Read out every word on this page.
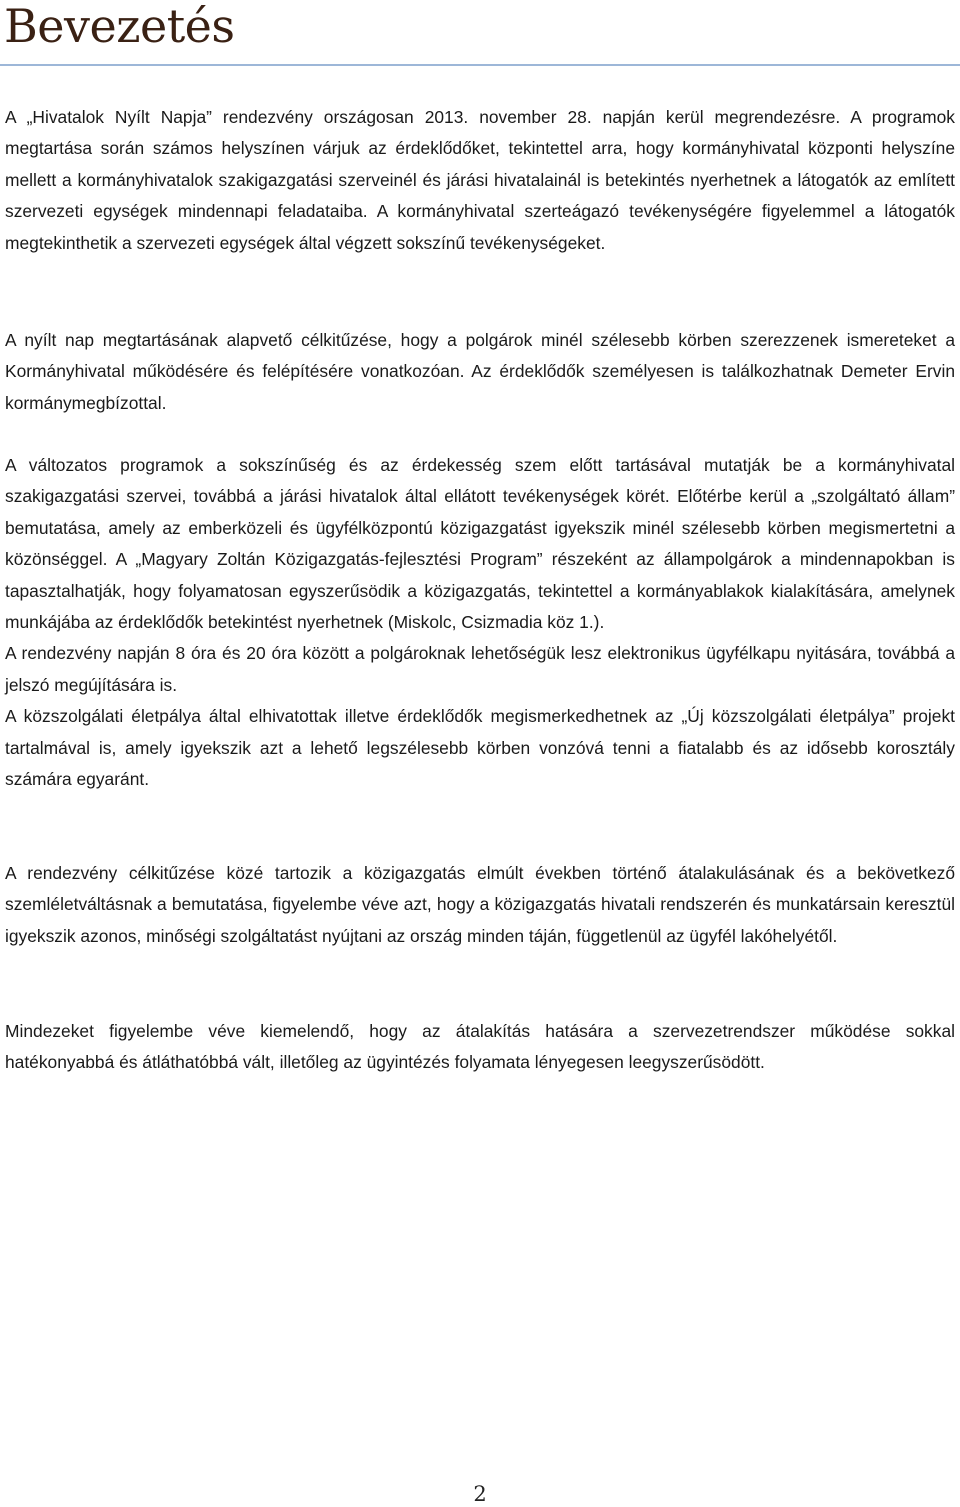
Bevezetés

A „Hivatalok Nyílt Napja” rendezvény országosan 2013. november 28. napján kerül megrendezésre. A programok megtartása során számos helyszínen várjuk az érdeklődőket, tekintettel arra, hogy kormányhivatal központi helyszíne mellett a kormányhivatalok szakigazgatási szerveinél és járási hivatalainál is betekintés nyerhetnek a látogatók az említett szervezeti egységek mindennapi feladataiba. A kormányhivatal szerteágazó tevékenységére figyelemmel a látogatók megtekinthetik a szervezeti egységek által végzett sokszínű tevékenységeket.

A nyílt nap megtartásának alapvető célkitűzése, hogy a polgárok minél szélesebb körben szerezzenek ismereteket a Kormányhivatal működésére és felépítésére vonatkozóan. Az érdeklődők személyesen is találkozhatnak Demeter Ervin kormánymegbízottal.

A változatos programok a sokszínűség és az érdekesség szem előtt tartásával mutatják be a kormányhivatal szakigazgatási szervei, továbbá a járási hivatalok által ellátott tevékenységek körét. Előtérbe kerül a „szolgáltató állam” bemutatása, amely az emberközeli és ügyfélközpontú közigazgatást igyekszik minél szélesebb körben megismertetni a közönséggel. A „Magyary Zoltán Közigazgatás-fejlesztési Program” részeként az állampolgárok a mindennapokban is tapasztalhatják, hogy folyamatosan egyszerűsödik a közigazgatás, tekintettel a kormányablakok kialakítására, amelynek munkájába az érdeklődők betekintést nyerhetnek (Miskolc, Csizmadia köz 1.).
A rendezvény napján 8 óra és 20 óra között a polgároknak lehetőségük lesz elektronikus ügyfélkapu nyitására, továbbá a jelszó megújítására is.
A közszolgálati életpálya által elhivatottak illetve érdeklődők megismerkedhetnek az „Új közszolgálati életpálya” projekt tartalmával is, amely igyekszik azt a lehető legszélesebb körben vonzóvá tenni a fiatalabb és az idősebb korosztály számára egyaránt.

A rendezvény célkitűzése közé tartozik a közigazgatás elmúlt években történő átalakulásának és a bekövetkező szemléletváltásnak a bemutatása, figyelembe véve azt, hogy a közigazgatás hivatali rendszerén és munkatársain keresztül igyekszik azonos, minőségi szolgáltatást nyújtani az ország minden táján, függetlenül az ügyfél lakóhelyétől.

Mindezeket figyelembe véve kiemelendő, hogy az átalakítás hatására a szervezetrendszer működése sokkal hatékonyabbá és átláthatóbbá vált, illetőleg az ügyintézés folyamata lényegesen leegyszerűsödött.

2
